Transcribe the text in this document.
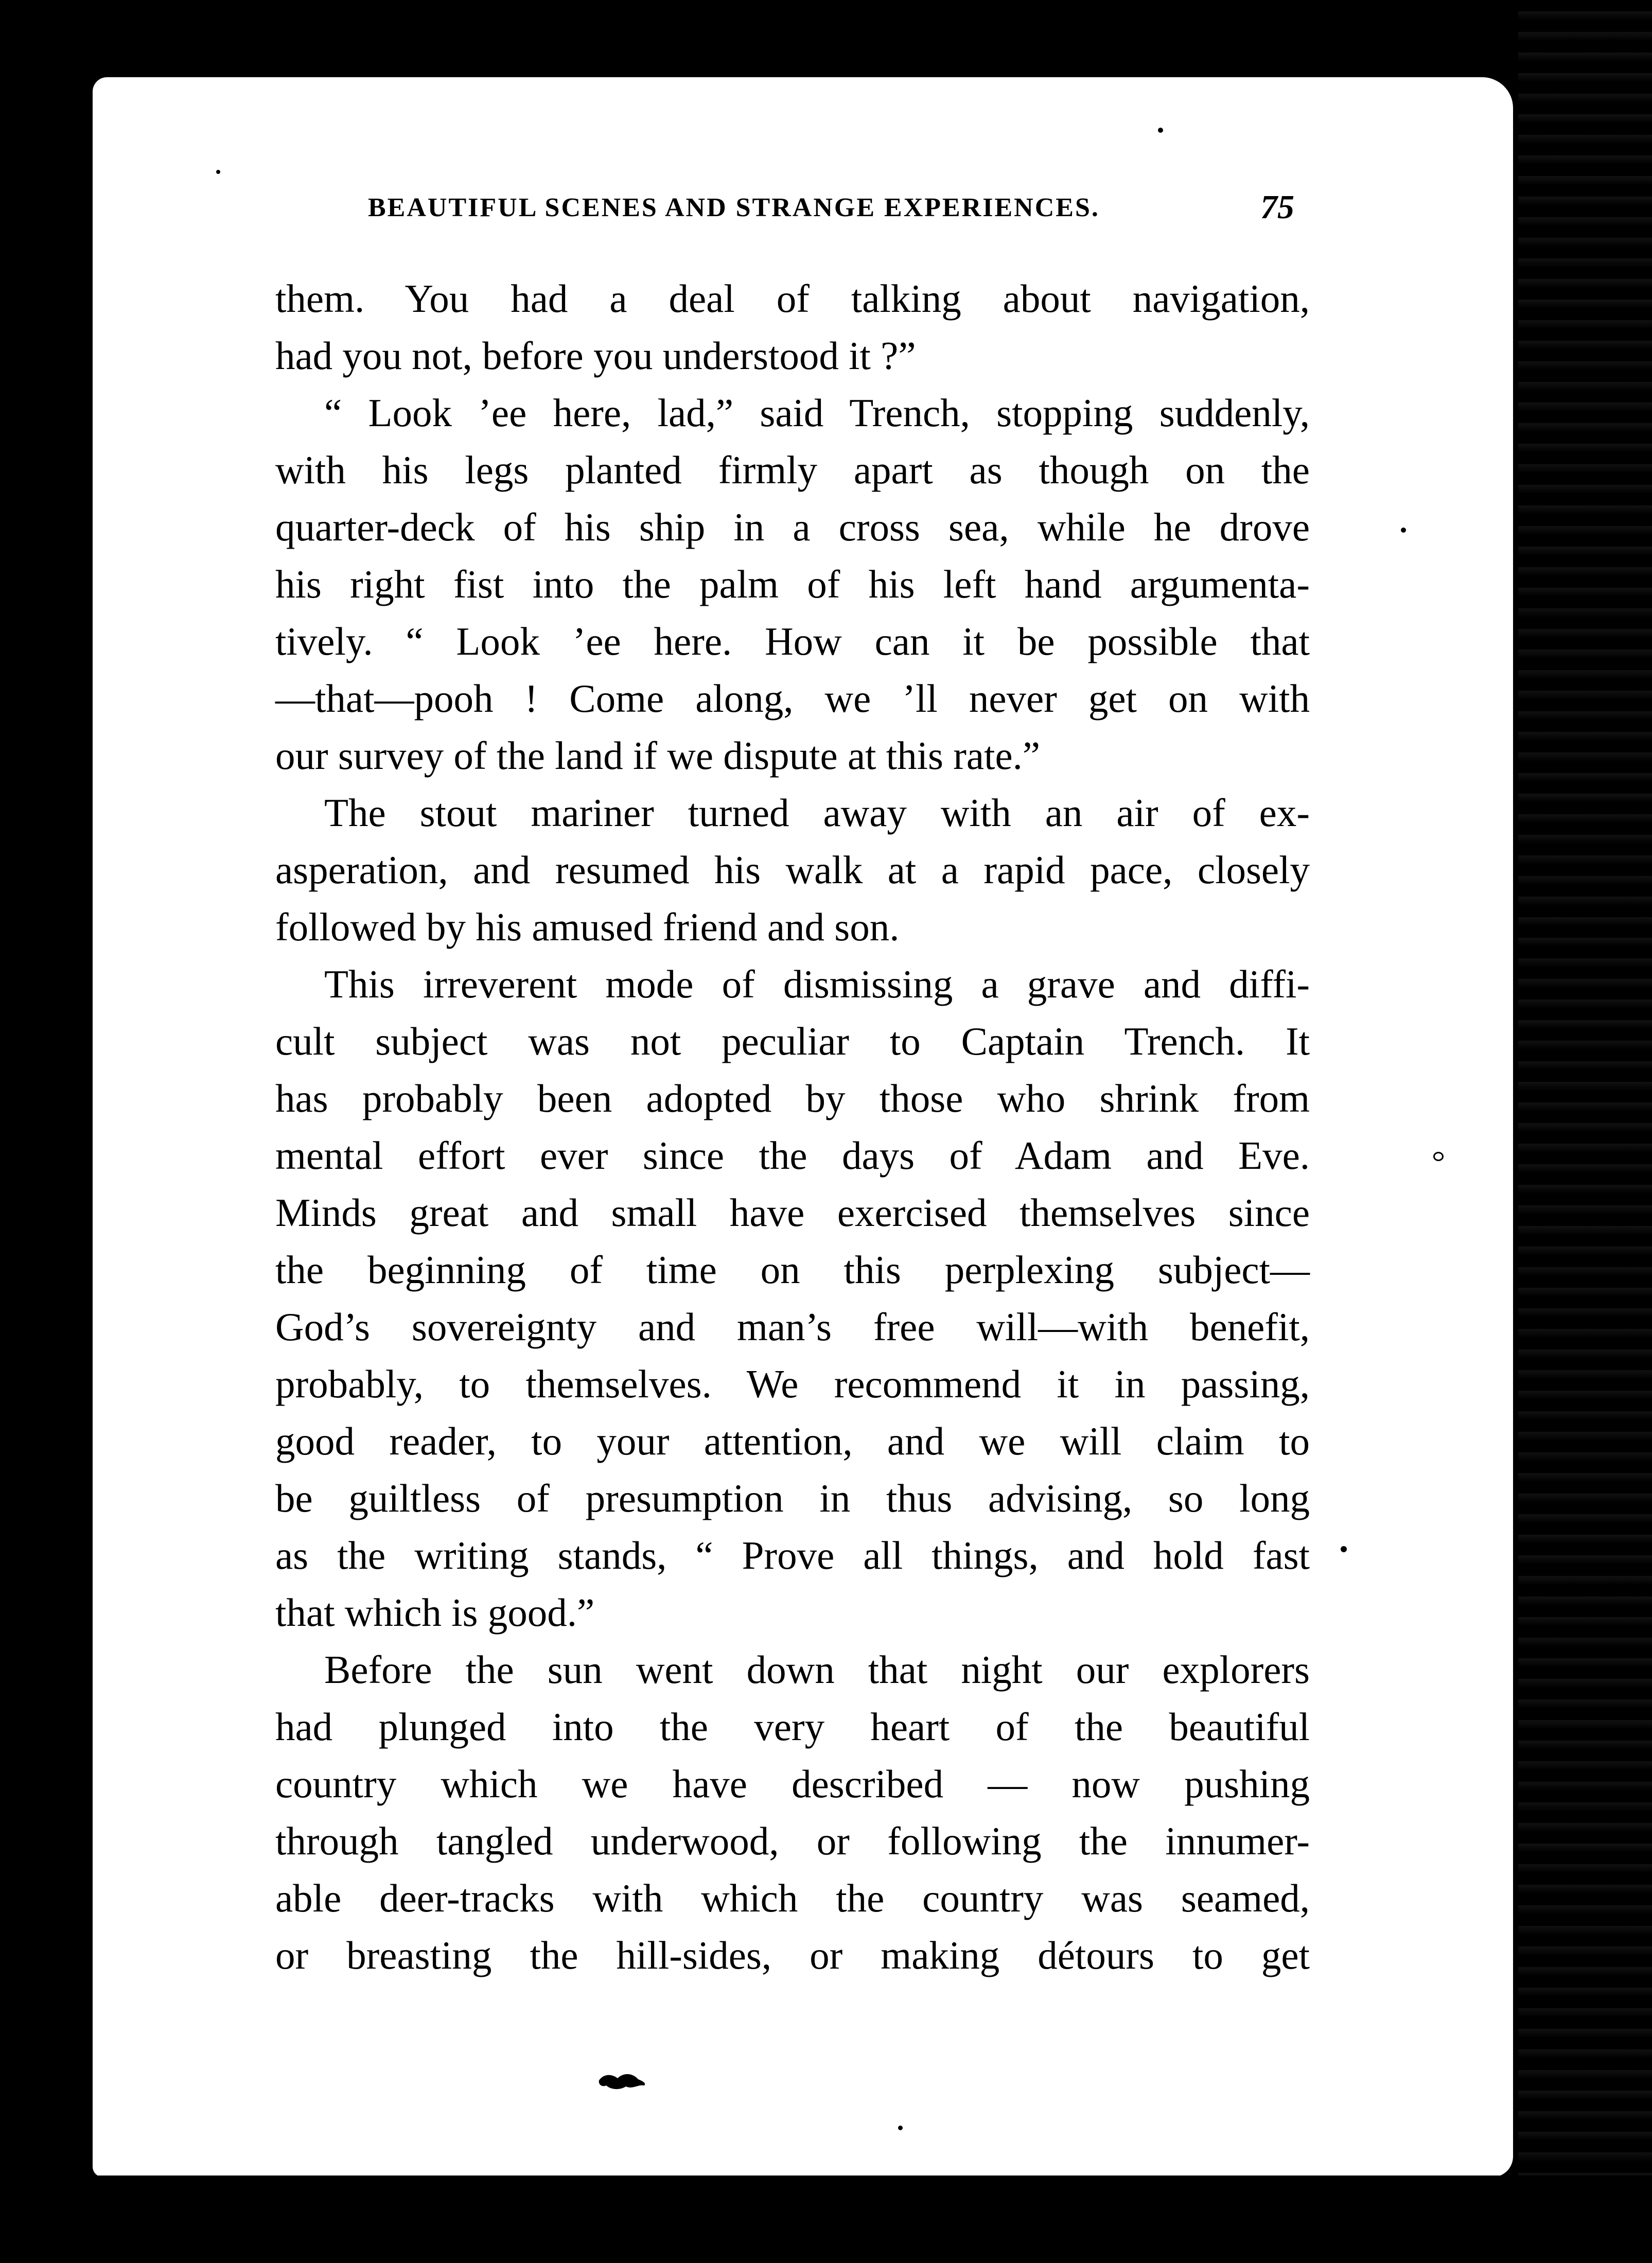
BEAUTIFUL SCENES AND STRANGE EXPERIENCES.	75
them. You had a deal of talking about navigation,
had you not, before you understood it ?”
“ Look ’ee here, lad,” said Trench, stopping suddenly,
with his legs planted firmly apart as though on the
quarter-deck of his ship in a cross sea, while he drove
his right fist into the palm of his left hand argumenta-
tively. “ Look ’ee here. How can it be possible that
—that—pooh ! Come along, we ’ll never get on with
our survey of the land if we dispute at this rate.”
The stout mariner turned away with an air of ex-
asperation, and resumed his walk at a rapid pace, closely
followed by his amused friend and son.
This irreverent mode of dismissing a grave and diffi-
cult subject was not peculiar to Captain Trench. It
has probably been adopted by those who shrink from
mental effort ever since the days of Adam and Eve.
Minds great and small have exercised themselves since
the beginning of time on this perplexing subject—
God’s sovereignty and man’s free will—with benefit,
probably, to themselves. We recommend it in passing,
good reader, to your attention, and we will claim to
be guiltless of presumption in thus advising, so long
as the writing stands, “ Prove all things, and hold fast
that which is good.”
Before the sun went down that night our explorers
had plunged into the very heart of the beautiful
country which we have described — now pushing
through tangled underwood, or following the innumer-
able deer-tracks with which the country was seamed,
or breasting the hill-sides, or making détours to get
